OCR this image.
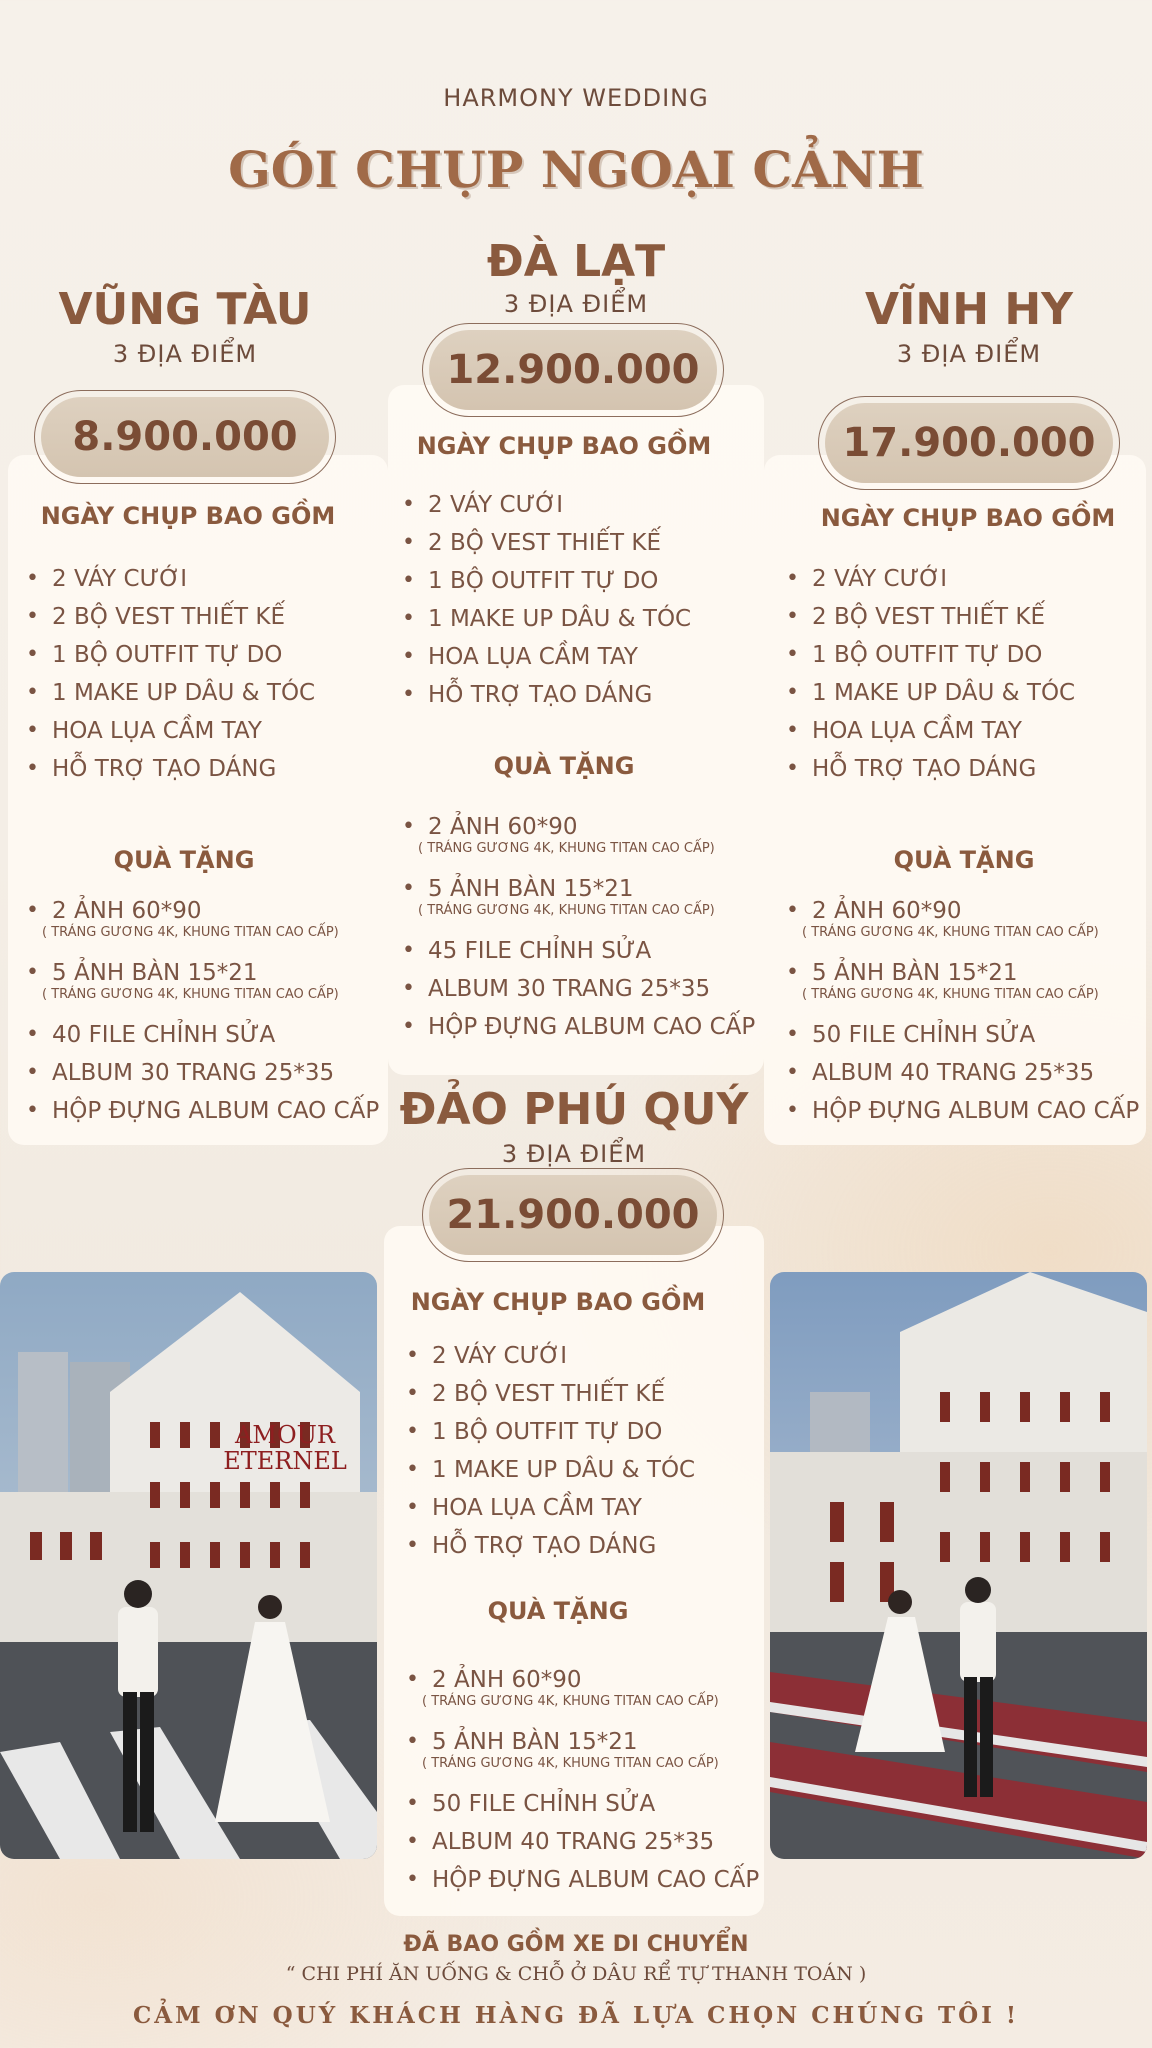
HARMONY WEDDING
GÓI CHỤP NGOẠI CẢNH
VŨNG TÀU
3 ĐỊA ĐIỂM
8.900.000
NGÀY CHỤP BAO GỒM
• 2 VÁY CƯỚI
• 2 BỘ VEST THIẾT KẾ
• 1 BỘ OUTFIT TỰ DO
• 1 MAKE UP DÂU & TÓC
• HOA LỤA CẦM TAY
• HỖ TRỢ TẠO DÁNG
QUÀ TẶNG
• 2 ẢNH 60*90
( TRÁNG GƯƠNG 4K, KHUNG TITAN CAO CẤP)
• 5 ẢNH BÀN 15*21
( TRÁNG GƯƠNG 4K, KHUNG TITAN CAO CẤP)
• 40 FILE CHỈNH SỬA
• ALBUM 30 TRANG 25*35
• HỘP ĐỰNG ALBUM CAO CẤP
ĐÀ LẠT
3 ĐỊA ĐIỂM
12.900.000
NGÀY CHỤP BAO GỒM
• 2 VÁY CƯỚI
• 2 BỘ VEST THIẾT KẾ
• 1 BỘ OUTFIT TỰ DO
• 1 MAKE UP DÂU & TÓC
• HOA LỤA CẦM TAY
• HỖ TRỢ TẠO DÁNG
QUÀ TẶNG
• 2 ẢNH 60*90
( TRÁNG GƯƠNG 4K, KHUNG TITAN CAO CẤP)
• 5 ẢNH BÀN 15*21
( TRÁNG GƯƠNG 4K, KHUNG TITAN CAO CẤP)
• 45 FILE CHỈNH SỬA
• ALBUM 30 TRANG 25*35
• HỘP ĐỰNG ALBUM CAO CẤP
VĨNH HY
3 ĐỊA ĐIỂM
17.900.000
NGÀY CHỤP BAO GỒM
• 2 VÁY CƯỚI
• 2 BỘ VEST THIẾT KẾ
• 1 BỘ OUTFIT TỰ DO
• 1 MAKE UP DÂU & TÓC
• HOA LỤA CẦM TAY
• HỖ TRỢ TẠO DÁNG
QUÀ TẶNG
• 2 ẢNH 60*90
( TRÁNG GƯƠNG 4K, KHUNG TITAN CAO CẤP)
• 5 ẢNH BÀN 15*21
( TRÁNG GƯƠNG 4K, KHUNG TITAN CAO CẤP)
• 50 FILE CHỈNH SỬA
• ALBUM 40 TRANG 25*35
• HỘP ĐỰNG ALBUM CAO CẤP
ĐẢO PHÚ QUÝ
3 ĐỊA ĐIỂM
21.900.000
NGÀY CHỤP BAO GỒM
• 2 VÁY CƯỚI
• 2 BỘ VEST THIẾT KẾ
• 1 BỘ OUTFIT TỰ DO
• 1 MAKE UP DÂU & TÓC
• HOA LỤA CẦM TAY
• HỖ TRỢ TẠO DÁNG
QUÀ TẶNG
• 2 ẢNH 60*90
( TRÁNG GƯƠNG 4K, KHUNG TITAN CAO CẤP)
• 5 ẢNH BÀN 15*21
( TRÁNG GƯƠNG 4K, KHUNG TITAN CAO CẤP)
• 50 FILE CHỈNH SỬA
• ALBUM 40 TRANG 25*35
• HỘP ĐỰNG ALBUM CAO CẤP
AMOUR
ETERNEL
ĐÃ BAO GỒM XE DI CHUYỂN
“ CHI PHÍ ĂN UỐNG & CHỖ Ở DÂU RỂ TỰ THANH TOÁN )
CẢM ƠN QUÝ KHÁCH HÀNG ĐÃ LỰA CHỌN CHÚNG TÔI !
